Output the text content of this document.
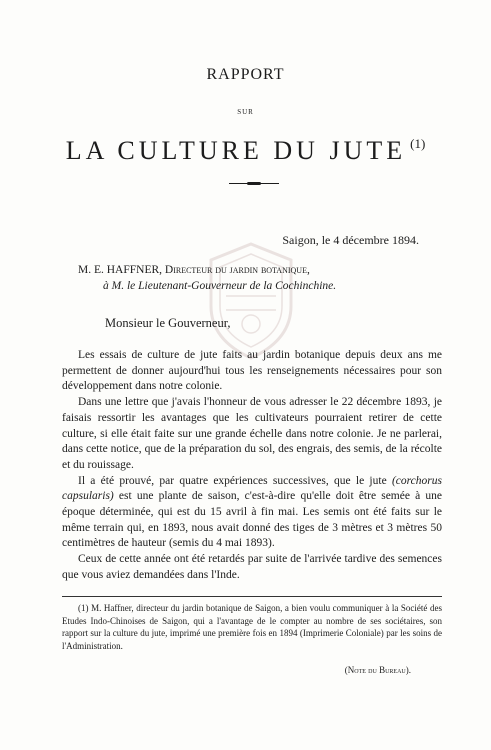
RAPPORT
SUR
LA CULTURE DU JUTE $^{(1)}$
Saigon, le 4 décembre 1894.
M. E. HAFFNER, Directeur du jardin botanique,
à M. le Lieutenant-Gouverneur de la Cochinchine.
Monsieur le Gouverneur,

Les essais de culture de jute faits au jardin botanique depuis deux ans me permettent de donner aujourd'hui tous les renseignements nécessaires pour son développement dans notre colonie.

Dans une lettre que j'avais l'honneur de vous adresser le 22 décembre 1893, je faisais ressortir les avantages que les cultivateurs pourraient retirer de cette culture, si elle était faite sur une grande échelle dans notre colonie. Je ne parlerai, dans cette notice, que de la préparation du sol, des engrais, des semis, de la récolte et du rouissage.

Il a été prouvé, par quatre expériences successives, que le jute (corchorus capsularis) est une plante de saison, c'est-à-dire qu'elle doit être semée à une époque déterminée, qui est du 15 avril à fin mai. Les semis ont été faits sur le même terrain qui, en 1893, nous avait donné des tiges de 3 mètres et 3 mètres 50 centimètres de hauteur (semis du 4 mai 1893).

Ceux de cette année ont été retardés par suite de l'arrivée tardive des semences que vous aviez demandées dans l'Inde.

(1) M. Haffner, directeur du jardin botanique de Saigon, a bien voulu communiquer à la Société des Etudes Indo-Chinoises de Saigon, qui a l'avantage de le compter au nombre de ses sociétaires, son rapport sur la culture du jute, imprimé une première fois en 1894 (Imprimerie Coloniale) par les soins de l'Administration.
(Note du Bureau).
